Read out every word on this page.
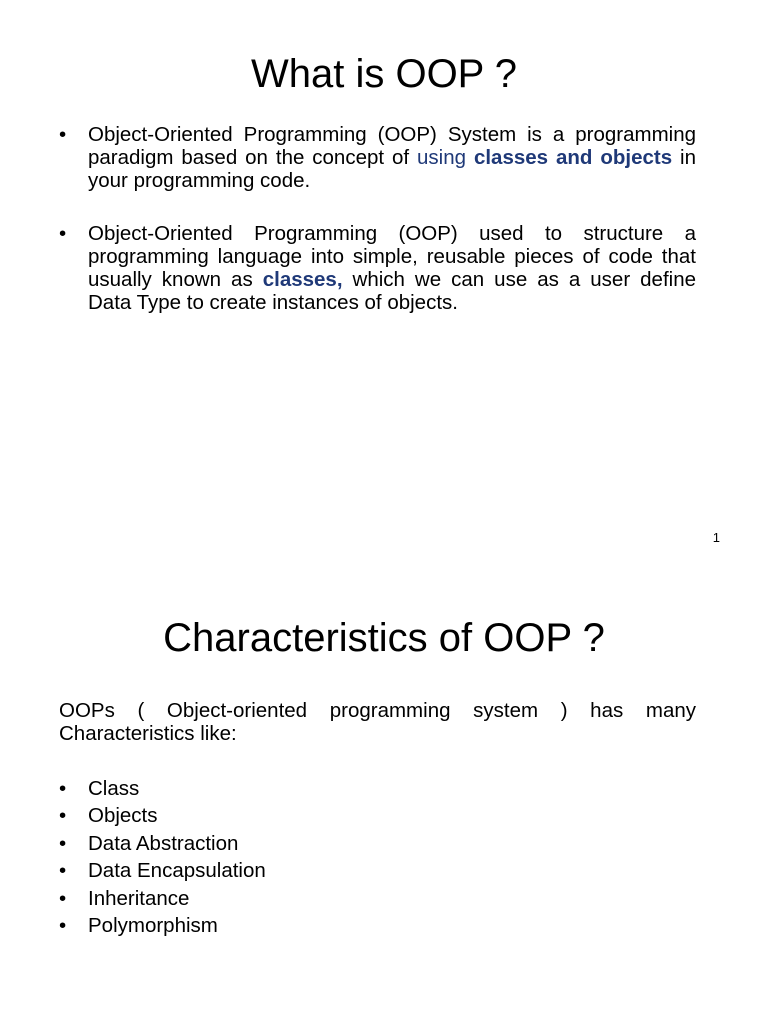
What is OOP ?
• Object-Oriented Programming (OOP) System is a programming paradigm based on the concept of using classes and objects in your programming code.
• Object-Oriented Programming (OOP) used to structure a programming language into simple, reusable pieces of code that usually known as classes, which we can use as a user define Data Type to create instances of objects.
1
Characteristics of OOP ?

OOPs ( Object-oriented programming system ) has many Characteristics like:

• Class
• Objects
• Data Abstraction
• Data Encapsulation
• Inheritance
• Polymorphism
